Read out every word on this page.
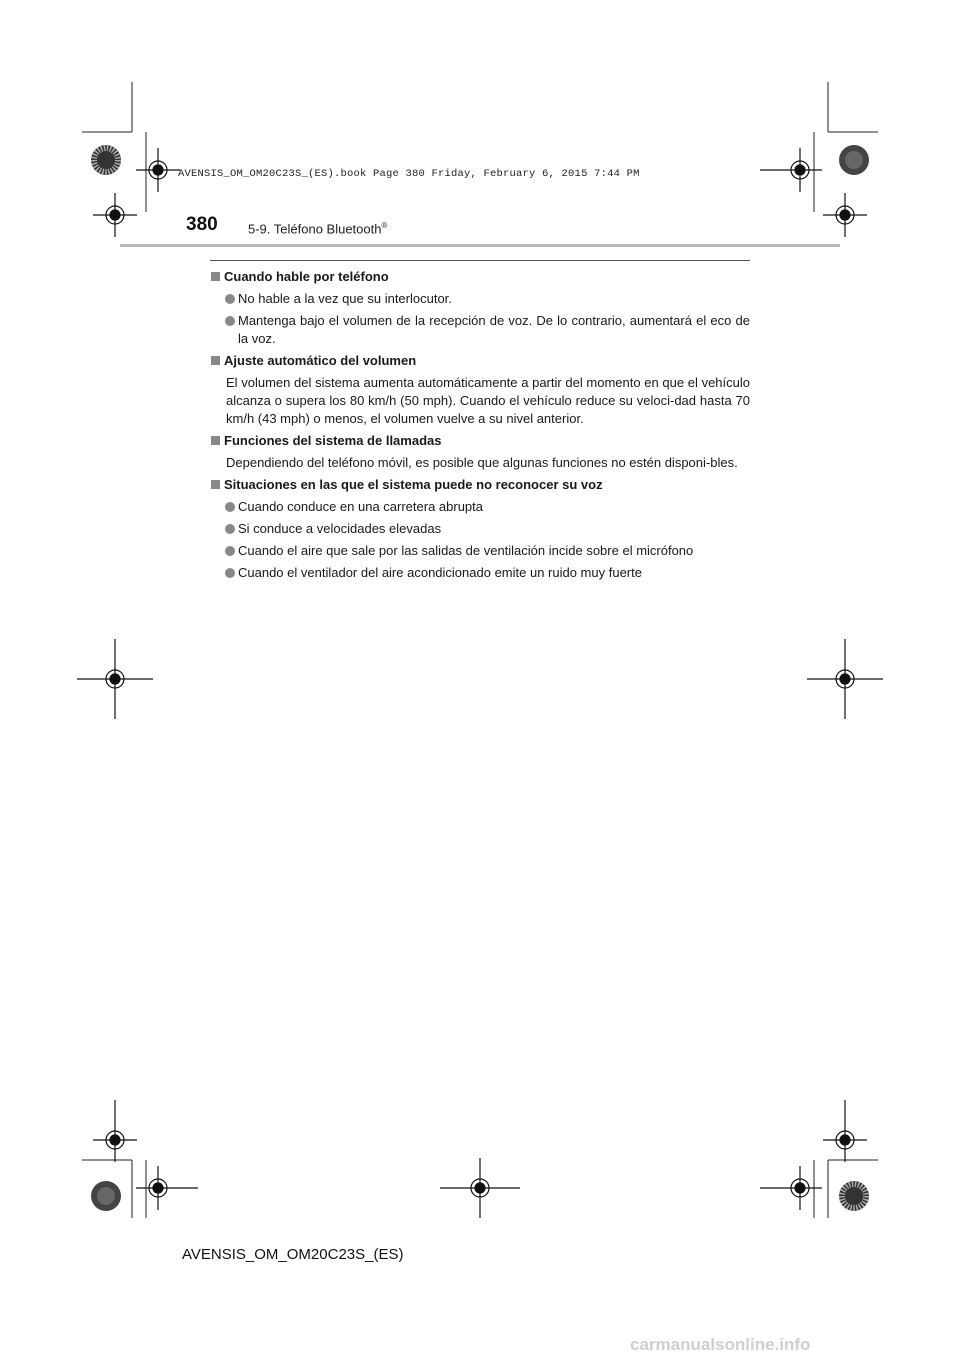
AVENSIS_OM_OM20C23S_(ES).book Page 380 Friday, February 6, 2015 7:44 PM
380 5-9. Teléfono Bluetooth®
Cuando hable por teléfono
No hable a la vez que su interlocutor.
Mantenga bajo el volumen de la recepción de voz. De lo contrario, aumentará el eco de la voz.
Ajuste automático del volumen
El volumen del sistema aumenta automáticamente a partir del momento en que el vehículo alcanza o supera los 80 km/h (50 mph). Cuando el vehículo reduce su veloci-dad hasta 70 km/h (43 mph) o menos, el volumen vuelve a su nivel anterior.
Funciones del sistema de llamadas
Dependiendo del teléfono móvil, es posible que algunas funciones no estén disponi-bles.
Situaciones en las que el sistema puede no reconocer su voz
Cuando conduce en una carretera abrupta
Si conduce a velocidades elevadas
Cuando el aire que sale por las salidas de ventilación incide sobre el micrófono
Cuando el ventilador del aire acondicionado emite un ruido muy fuerte
AVENSIS_OM_OM20C23S_(ES)
carmanualsonline.info
